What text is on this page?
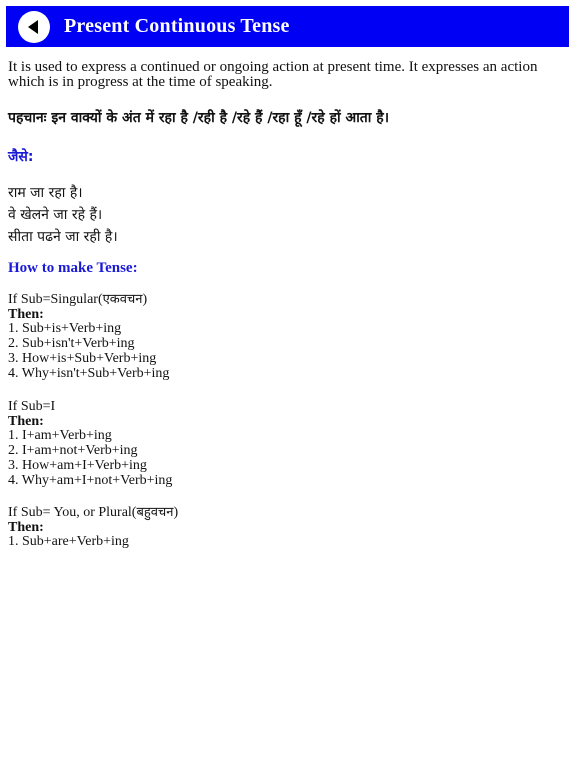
Present Continuous Tense

It is used to express a continued or ongoing action at present time. It expresses an action which is in progress at the time of speaking.

पहचानः इन वाक्यों के अंत में रहा है /रही है /रहे हैं /रहा हूँ /रहे हों आता है।
जैसे:
राम जा रहा है।
वे खेलने जा रहे हैं।
सीता पढने जा रही है।
How to make Tense:
If Sub=Singular(एकवचन)
Then:
1. Sub+is+Verb+ing
2. Sub+isn't+Verb+ing
3. How+is+Sub+Verb+ing
4. Why+isn't+Sub+Verb+ing
If Sub=I
Then:
1. I+am+Verb+ing
2. I+am+not+Verb+ing
3. How+am+I+Verb+ing
4. Why+am+I+not+Verb+ing
If Sub= You, or Plural(बहुवचन)
Then:
1. Sub+are+Verb+ing
